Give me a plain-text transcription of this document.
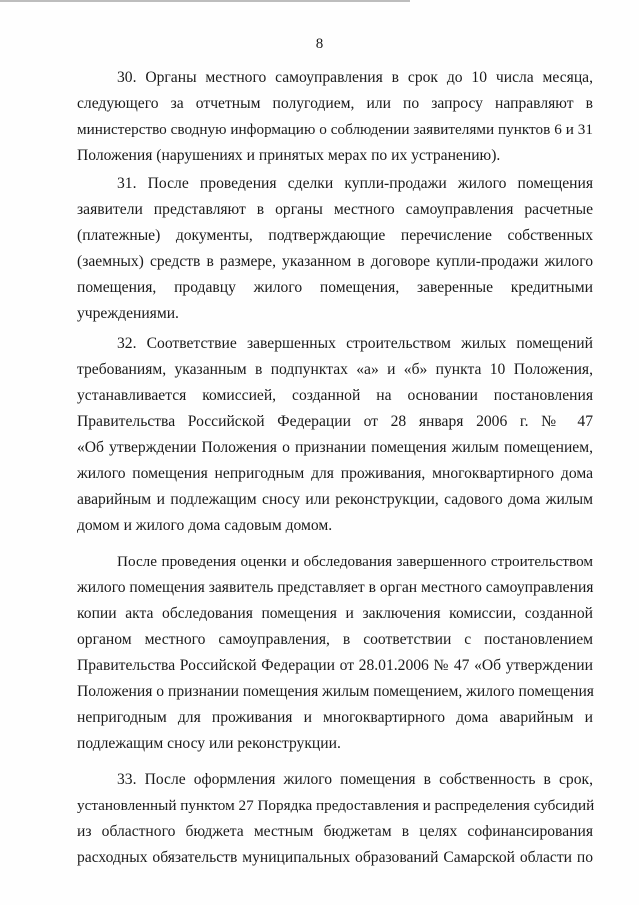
8
30. Органы местного самоуправления в срок до 10 числа месяца,
следующего за отчетным полугодием, или по запросу направляют в
министерство сводную информацию о соблюдении заявителями пунктов 6 и 31
Положения (нарушениях и принятых мерах по их устранению).
31. После проведения сделки купли-продажи жилого помещения
заявители представляют в органы местного самоуправления расчетные
(платежные) документы, подтверждающие перечисление собственных
(заемных) средств в размере, указанном в договоре купли-продажи жилого
помещения, продавцу жилого помещения, заверенные кредитными
учреждениями.
32. Соответствие завершенных строительством жилых помещений
требованиям, указанным в подпунктах «а» и «б» пункта 10 Положения,
устанавливается комиссией, созданной на основании постановления
Правительства Российской Федерации от 28 января 2006 г. № 47
«Об утверждении Положения о признании помещения жилым помещением,
жилого помещения непригодным для проживания, многоквартирного дома
аварийным и подлежащим сносу или реконструкции, садового дома жилым
домом и жилого дома садовым домом.
После проведения оценки и обследования завершенного строительством
жилого помещения заявитель представляет в орган местного самоуправления
копии акта обследования помещения и заключения комиссии, созданной
органом местного самоуправления, в соответствии с постановлением
Правительства Российской Федерации от 28.01.2006 № 47 «Об утверждении
Положения о признании помещения жилым помещением, жилого помещения
непригодным для проживания и многоквартирного дома аварийным и
подлежащим сносу или реконструкции.
33. После оформления жилого помещения в собственность в срок,
установленный пунктом 27 Порядка предоставления и распределения субсидий
из областного бюджета местным бюджетам в целях софинансирования
расходных обязательств муниципальных образований Самарской области по
